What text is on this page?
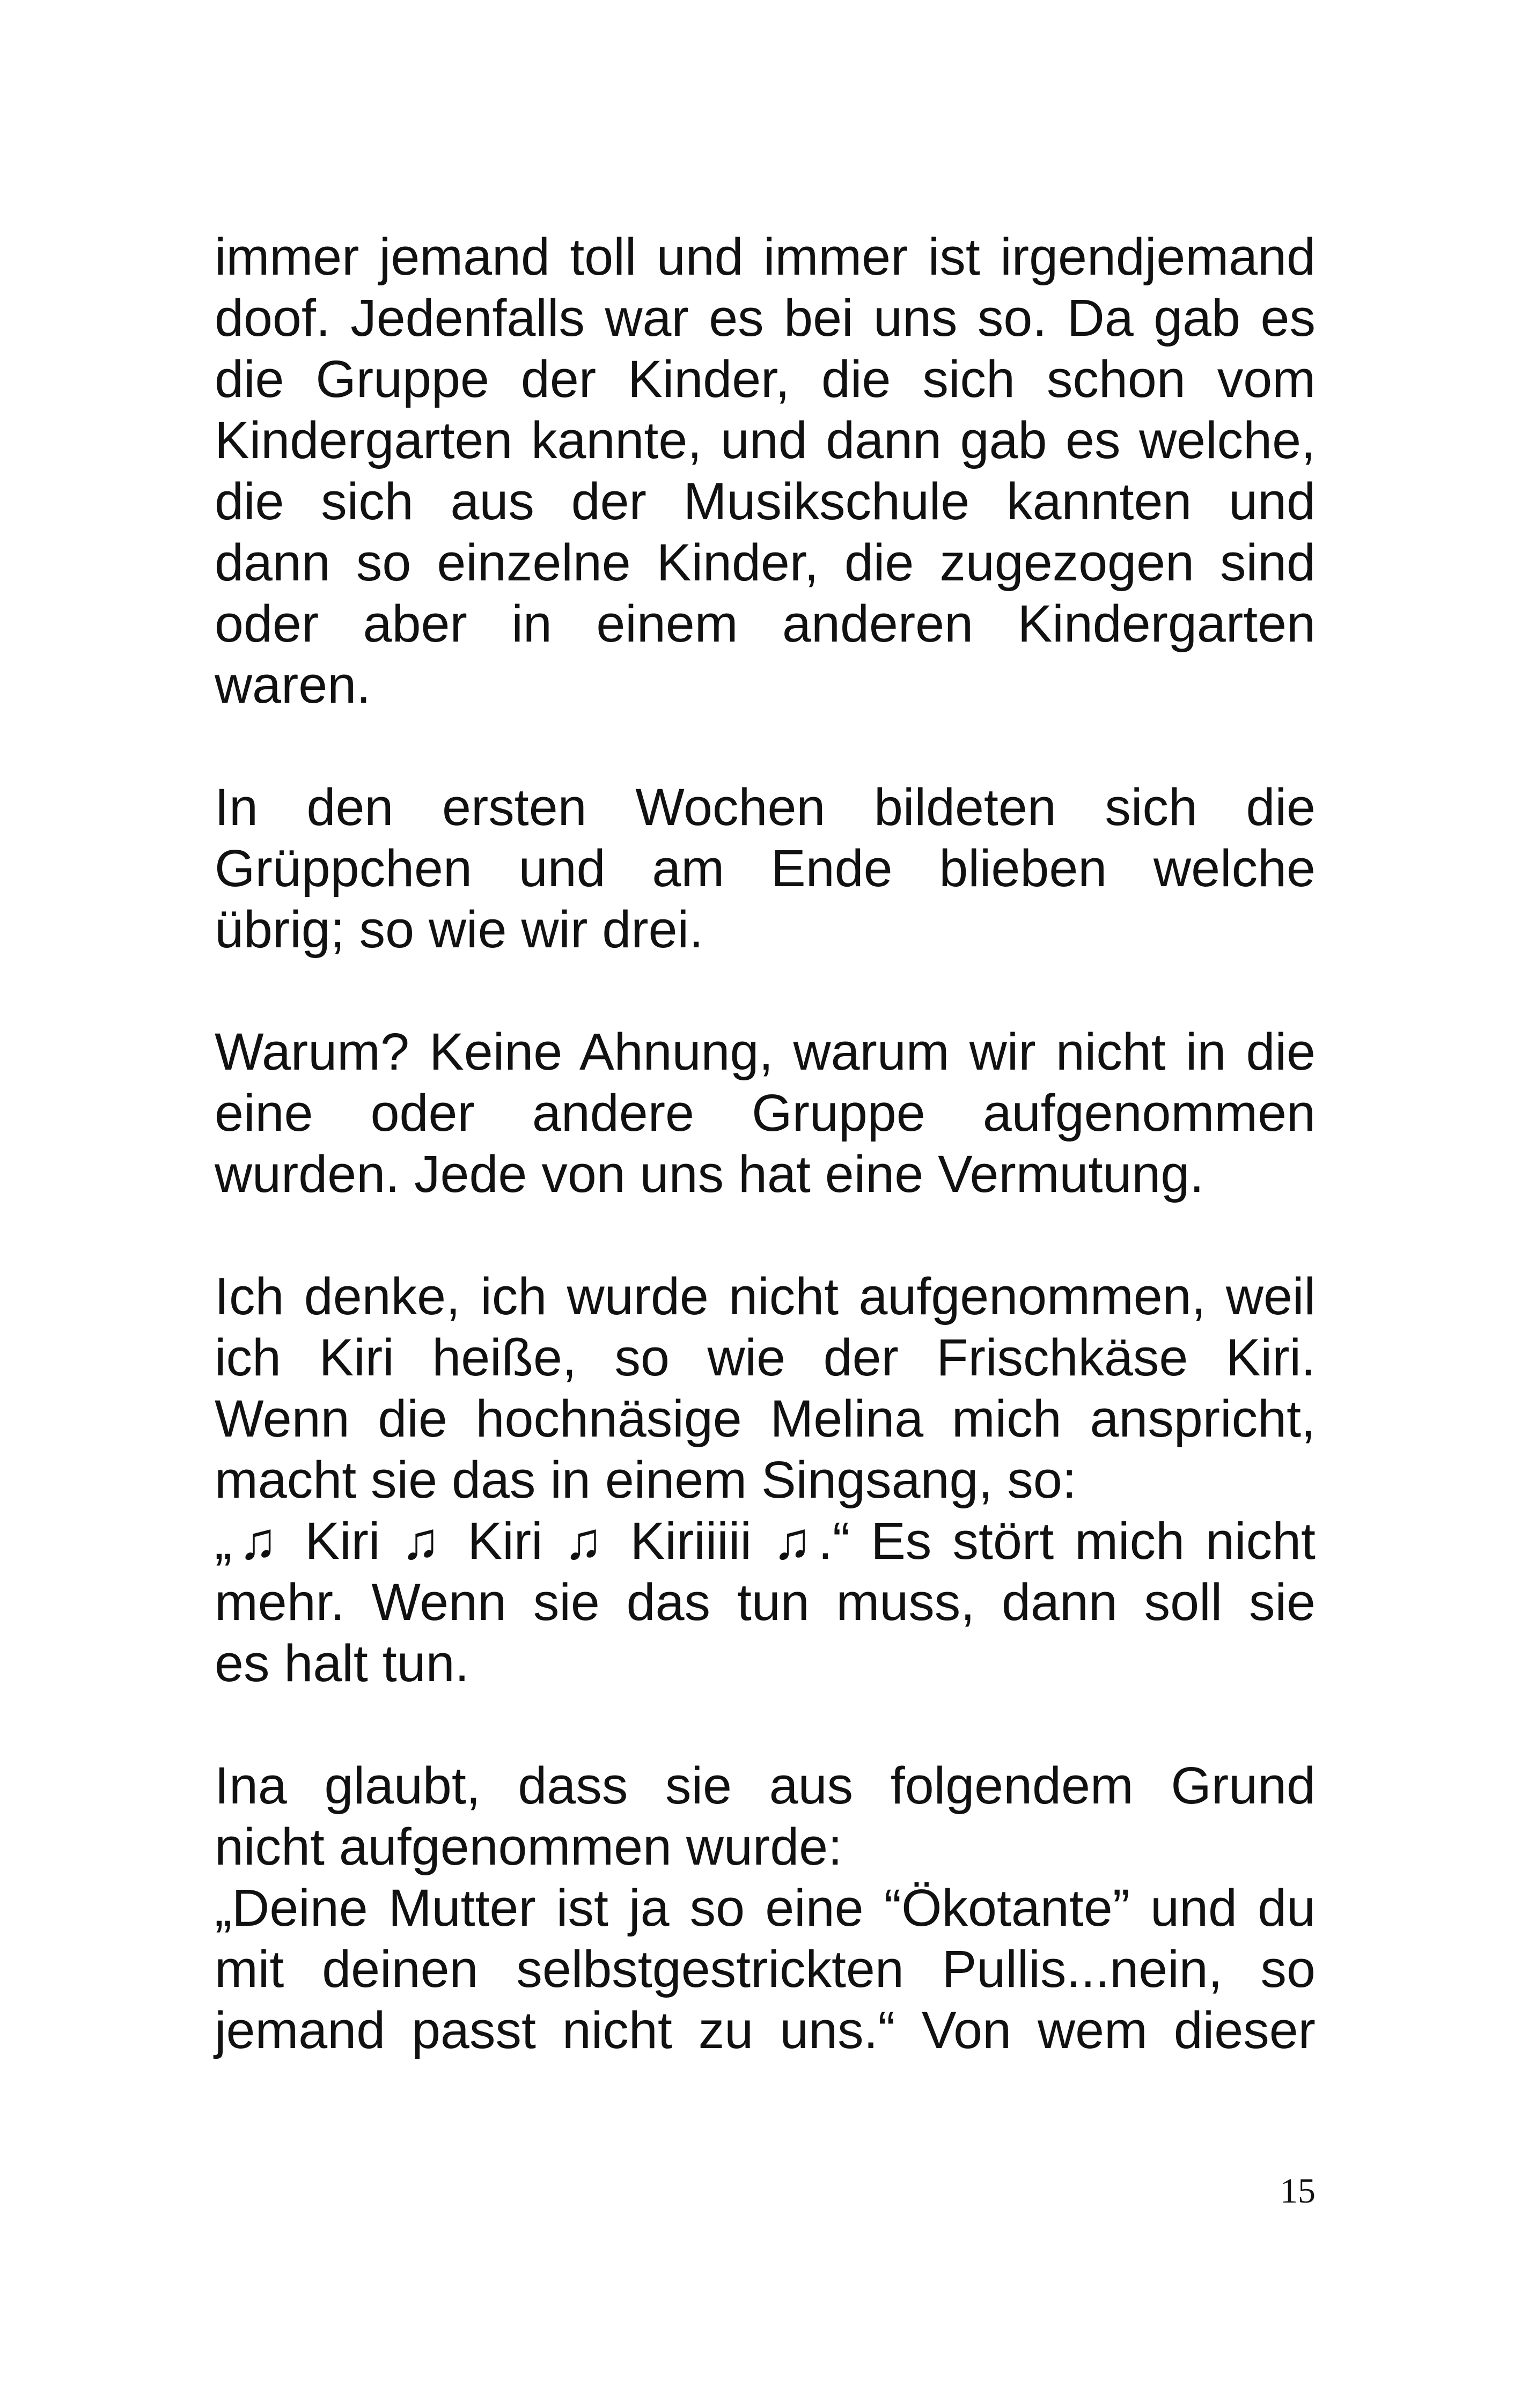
immer jemand toll und immer ist irgendjemand
doof. Jedenfalls war es bei uns so. Da gab es
die Gruppe der Kinder, die sich schon vom
Kindergarten kannte, und dann gab es welche,
die sich aus der Musikschule kannten und
dann so einzelne Kinder, die zugezogen sind
oder aber in einem anderen Kindergarten
waren.

In den ersten Wochen bildeten sich die
Grüppchen und am Ende blieben welche
übrig; so wie wir drei.

Warum? Keine Ahnung, warum wir nicht in die
eine oder andere Gruppe aufgenommen
wurden. Jede von uns hat eine Vermutung.

Ich denke, ich wurde nicht aufgenommen, weil
ich Kiri heiße, so wie der Frischkäse Kiri.
Wenn die hochnäsige Melina mich anspricht,
macht sie das in einem Singsang, so:
„♫ Kiri ♫ Kiri ♫ Kiriiiii ♫.“ Es stört mich nicht
mehr. Wenn sie das tun muss, dann soll sie
es halt tun.

Ina glaubt, dass sie aus folgendem Grund
nicht aufgenommen wurde:
„Deine Mutter ist ja so eine “Ökotante” und du
mit deinen selbstgestrickten Pullis...nein, so
jemand passt nicht zu uns.“ Von wem dieser

15
